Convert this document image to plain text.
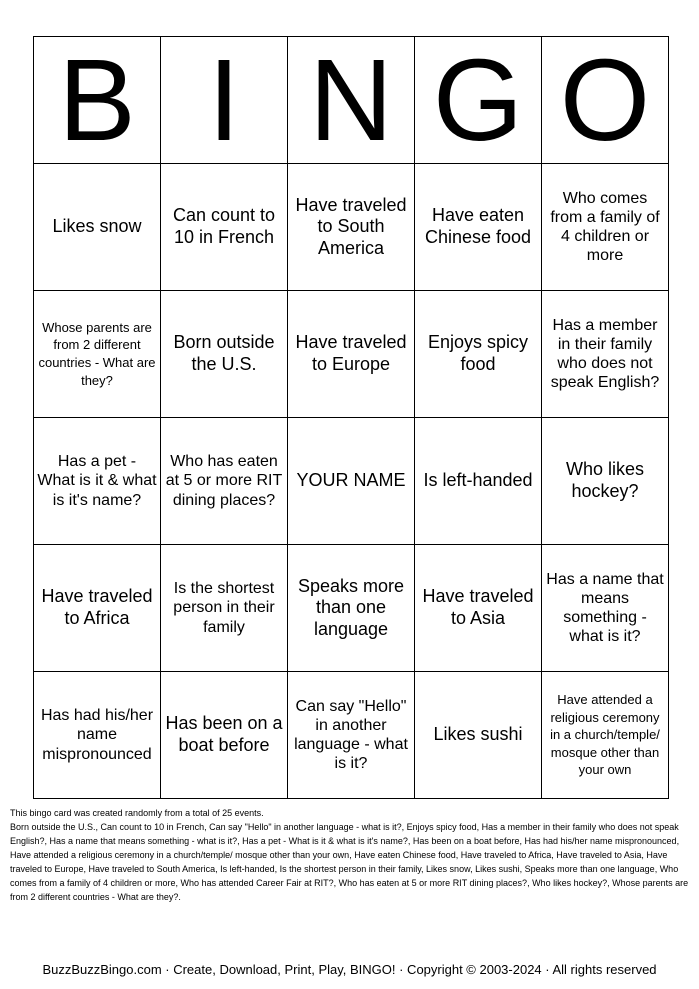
B	I	N	G	O
Likes snow	Can count to 10 in French	Have traveled to South America	Have eaten Chinese food	Who comes from a family of 4 children or more
Whose parents are from 2 different countries - What are they?	Born outside the U.S.	Have traveled to Europe	Enjoys spicy food	Has a member in their family who does not speak English?
Has a pet - What is it & what is it's name?	Who has eaten at 5 or more RIT dining places?	YOUR NAME	Is left-handed	Who likes hockey?
Have traveled to Africa	Is the shortest person in their family	Speaks more than one language	Have traveled to Asia	Has a name that means something - what is it?
Has had his/her name mispronounced	Has been on a boat before	Can say "Hello" in another language - what is it?	Likes sushi	Have attended a religious ceremony in a church/temple/ mosque other than your own

This bingo card was created randomly from a total of 25 events.

Born outside the U.S., Can count to 10 in French, Can say "Hello" in another language - what is it?, Enjoys spicy food, Has a member in their family who does not speak English?, Has a name that means something - what is it?, Has a pet - What is it & what is it's name?, Has been on a boat before, Has had his/her name mispronounced, Have attended a religious ceremony in a church/temple/ mosque other than your own, Have eaten Chinese food, Have traveled to Africa, Have traveled to Asia, Have traveled to Europe, Have traveled to South America, Is left-handed, Is the shortest person in their family, Likes snow, Likes sushi, Speaks more than one language, Who comes from a family of 4 children or more, Who has attended Career Fair at RIT?, Who has eaten at 5 or more RIT dining places?, Who likes hockey?, Whose parents are from 2 different countries - What are they?.

BuzzBuzzBingo.com · Create, Download, Print, Play, BINGO! · Copyright © 2003-2024 · All rights reserved
